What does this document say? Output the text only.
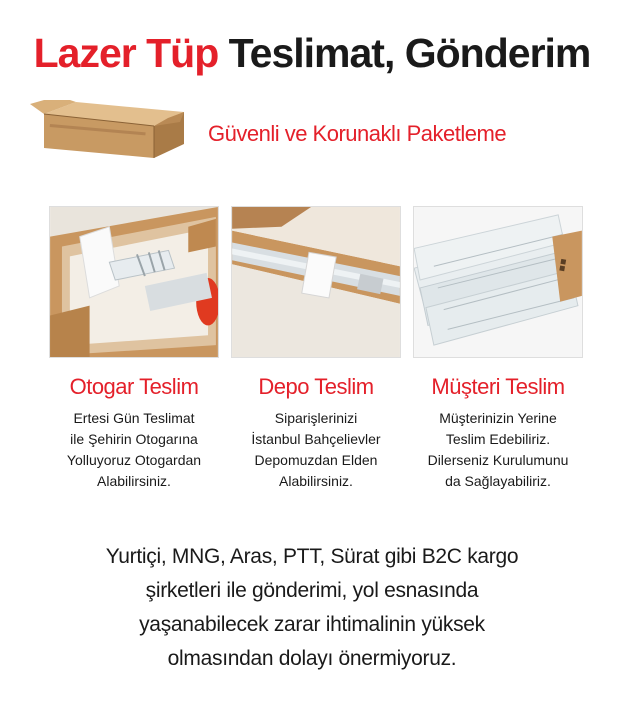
Lazer Tüp Teslimat, Gönderim
Güvenli ve Korunaklı Paketleme
Otogar Teslim
Ertesi Gün Teslimat
ile Şehirin Otogarına
Yolluyoruz Otogardan
Alabilirsiniz.
Depo Teslim
Siparişlerinizi
İstanbul Bahçelievler
Depomuzdan Elden
Alabilirsiniz.
▪▪
Müşteri Teslim
Müşterinizin Yerine
Teslim Edebiliriz.
Dilerseniz Kurulumunu
da Sağlayabiliriz.
Yurtiçi, MNG, Aras, PTT, Sürat gibi B2C kargo
şirketleri ile gönderimi, yol esnasında
yaşanabilecek zarar ihtimalinin yüksek
olmasından dolayı önermiyoruz.
